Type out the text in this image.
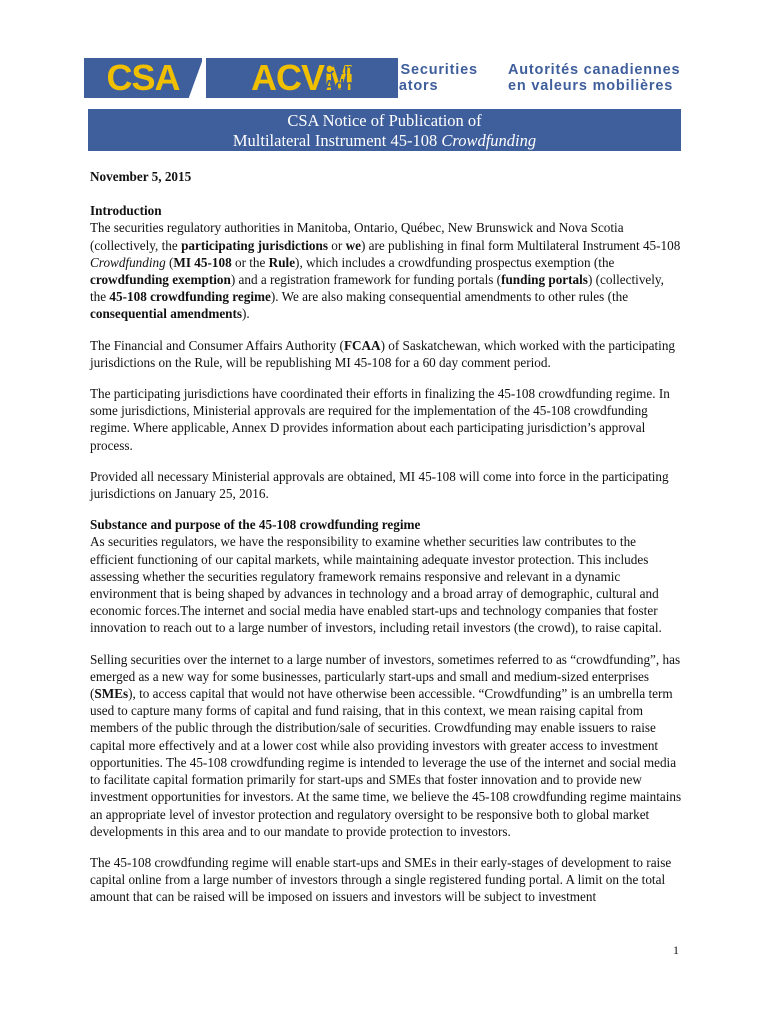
CSA	ACVM
Canadian Securities
Administrators
Autorités canadiennes
en valeurs mobilières
CSA Notice of Publication of
Multilateral Instrument 45-108 Crowdfunding

November 5, 2015

Introduction
The securities regulatory authorities in Manitoba, Ontario, Québec, New Brunswick and Nova Scotia (collectively, the participating jurisdictions or we) are publishing in final form Multilateral Instrument 45-108 Crowdfunding (MI 45-108 or the Rule), which includes a crowdfunding prospectus exemption (the crowdfunding exemption) and a registration framework for funding portals (funding portals) (collectively, the 45-108 crowdfunding regime). We are also making consequential amendments to other rules (the consequential amendments).

The Financial and Consumer Affairs Authority (FCAA) of Saskatchewan, which worked with the participating jurisdictions on the Rule, will be republishing MI 45-108 for a 60 day comment period.

The participating jurisdictions have coordinated their efforts in finalizing the 45-108 crowdfunding regime. In some jurisdictions, Ministerial approvals are required for the implementation of the 45-108 crowdfunding regime. Where applicable, Annex D provides information about each participating jurisdiction’s approval process.

Provided all necessary Ministerial approvals are obtained, MI 45-108 will come into force in the participating jurisdictions on January 25, 2016.

Substance and purpose of the 45-108 crowdfunding regime
As securities regulators, we have the responsibility to examine whether securities law contributes to the efficient functioning of our capital markets, while maintaining adequate investor protection. This includes assessing whether the securities regulatory framework remains responsive and relevant in a dynamic environment that is being shaped by advances in technology and a broad array of demographic, cultural and economic forces.The internet and social media have enabled start-ups and technology companies that foster innovation to reach out to a large number of investors, including retail investors (the crowd), to raise capital.

Selling securities over the internet to a large number of investors, sometimes referred to as “crowdfunding”, has emerged as a new way for some businesses, particularly start-ups and small and medium-sized enterprises (SMEs), to access capital that would not have otherwise been accessible. “Crowdfunding” is an umbrella term used to capture many forms of capital and fund raising, that in this context, we mean raising capital from members of the public through the distribution/sale of securities. Crowdfunding may enable issuers to raise capital more effectively and at a lower cost while also providing investors with greater access to investment opportunities. The 45-108 crowdfunding regime is intended to leverage the use of the internet and social media to facilitate capital formation primarily for start-ups and SMEs that foster innovation and to provide new investment opportunities for investors. At the same time, we believe the 45-108 crowdfunding regime maintains an appropriate level of investor protection and regulatory oversight to be responsive both to global market developments in this area and to our mandate to provide protection to investors.

The 45-108 crowdfunding regime will enable start-ups and SMEs in their early-stages of development to raise capital online from a large number of investors through a single registered funding portal. A limit on the total amount that can be raised will be imposed on issuers and investors will be subject to investment

1
